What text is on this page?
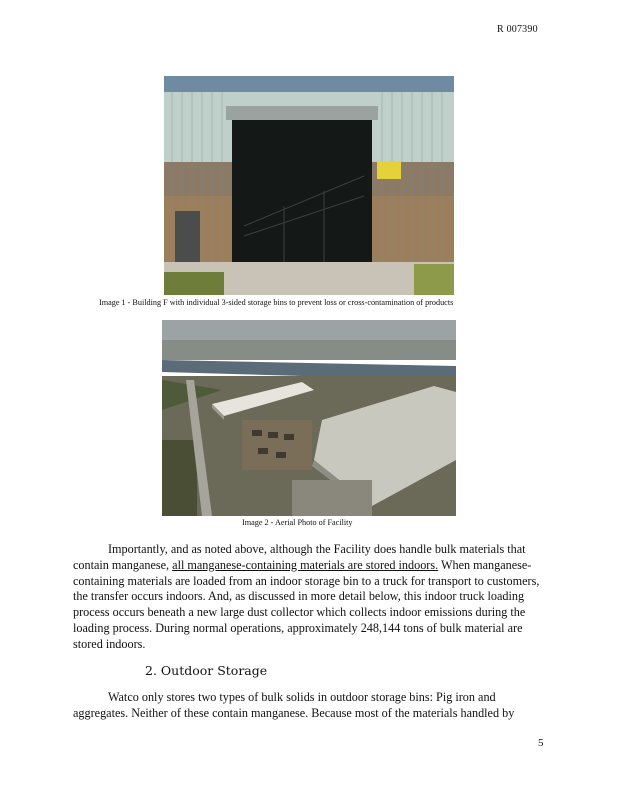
R 007390
Image 1 - Building F with individual 3-sided storage bins to prevent loss or cross-contamination of products
Image 2 - Aerial Photo of Facility

Importantly, and as noted above, although the Facility does handle bulk materials that contain manganese, all manganese-containing materials are stored indoors. When manganese-containing materials are loaded from an indoor storage bin to a truck for transport to customers, the transfer occurs indoors. And, as discussed in more detail below, this indoor truck loading process occurs beneath a new large dust collector which collects indoor emissions during the loading process. During normal operations, approximately 248,144 tons of bulk material are stored indoors.

2. Outdoor Storage

Watco only stores two types of bulk solids in outdoor storage bins: Pig iron and aggregates. Neither of these contain manganese. Because most of the materials handled by

5
